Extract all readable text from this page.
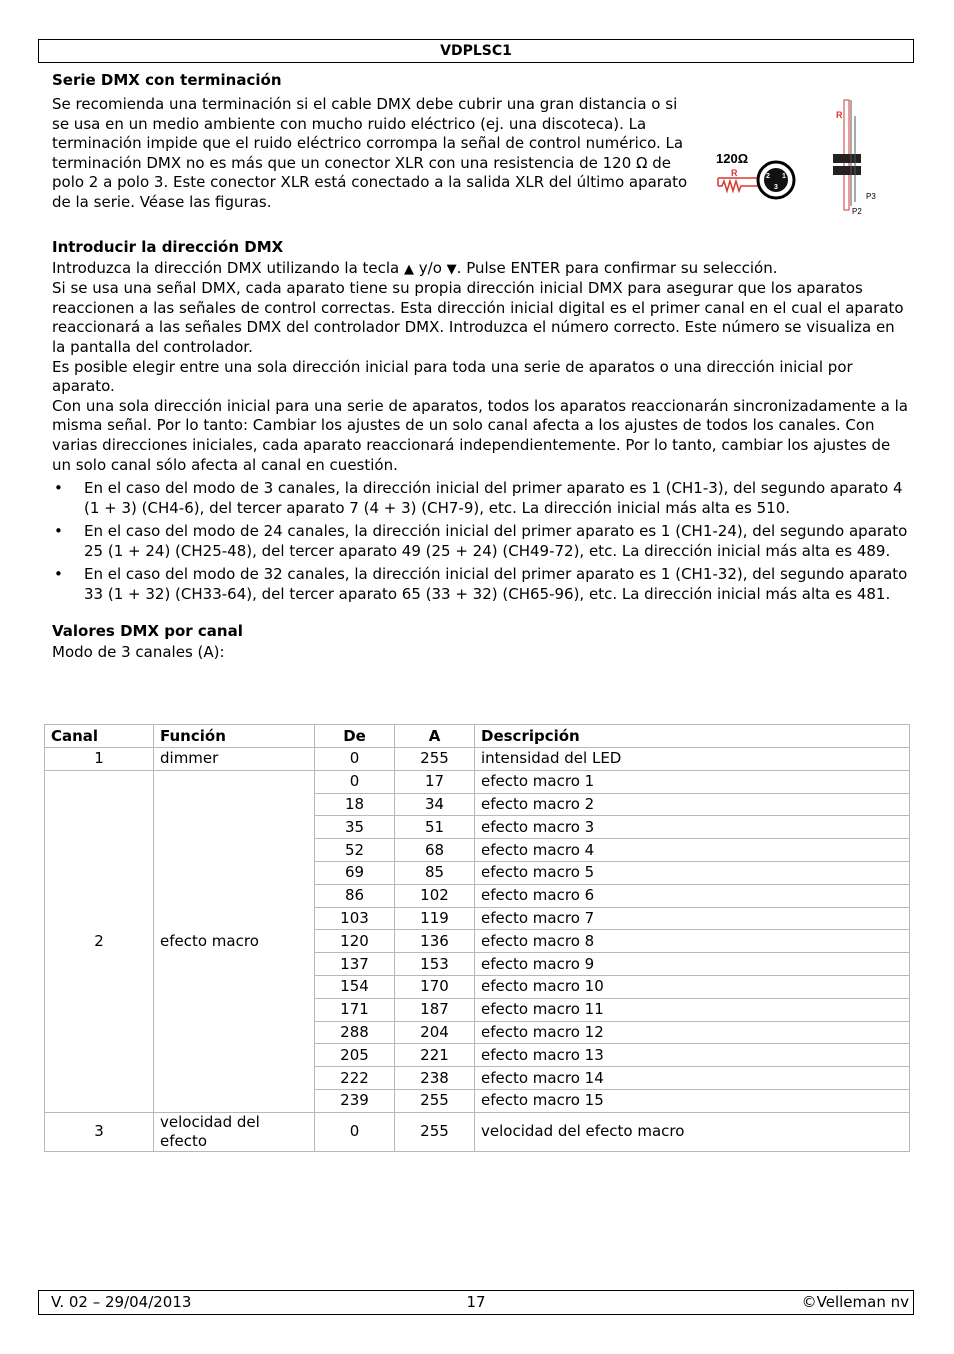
VDPLSC1
Serie DMX con terminación

Se recomienda una terminación si el cable DMX debe cubrir una gran distancia o si se usa en un medio ambiente con mucho ruido eléctrico (ej. una discoteca). La terminación impide que el ruido eléctrico corrompa la señal de control numérico. La terminación DMX no es más que un conector XLR con una resistencia de 120 Ω de polo 2 a polo 3. Este conector XLR está conectado a la salida XLR del último aparato de la serie. Véase las figuras.

120Ω
R	2 1
3
R
P3
P2
Introducir la dirección DMX

Introduzca la dirección DMX utilizando la tecla ▲ y/o ▼. Pulse ENTER para confirmar su selección.

Si se usa una señal DMX, cada aparato tiene su propia dirección inicial DMX para asegurar que los aparatos reaccionen a las señales de control correctas. Esta dirección inicial digital es el primer canal en el cual el aparato reaccionará a las señales DMX del controlador DMX. Introduzca el número correcto. Este número se visualiza en la pantalla del controlador.

Es posible elegir entre una sola dirección inicial para toda una serie de aparatos o una dirección inicial por aparato.

Con una sola dirección inicial para una serie de aparatos, todos los aparatos reaccionarán sincronizadamente a la misma señal. Por lo tanto: Cambiar los ajustes de un solo canal afecta a los ajustes de todos los canales. Con varias direcciones iniciales, cada aparato reaccionará independientemente. Por lo tanto, cambiar los ajustes de un solo canal sólo afecta al canal en cuestión.

• En el caso del modo de 3 canales, la dirección inicial del primer aparato es 1 (CH1-3), del segundo aparato 4 (1 + 3) (CH4-6), del tercer aparato 7 (4 + 3) (CH7-9), etc. La dirección inicial más alta es 510.
• En el caso del modo de 24 canales, la dirección inicial del primer aparato es 1 (CH1-24), del segundo aparato 25 (1 + 24) (CH25-48), del tercer aparato 49 (25 + 24) (CH49-72), etc. La dirección inicial más alta es 489.
• En el caso del modo de 32 canales, la dirección inicial del primer aparato es 1 (CH1-32), del segundo aparato 33 (1 + 32) (CH33-64), del tercer aparato 65 (33 + 32) (CH65-96), etc. La dirección inicial más alta es 481.
Valores DMX por canal

Modo de 3 canales (A):

Canal	Función	De	A	Descripción
1	dimmer	0	255	intensidad del LED
2	efecto macro	0	17	efecto macro 1
		18	34	efecto macro 2
		35	51	efecto macro 3
		52	68	efecto macro 4
		69	85	efecto macro 5
		86	102	efecto macro 6
		103	119	efecto macro 7
		120	136	efecto macro 8
		137	153	efecto macro 9
		154	170	efecto macro 10
		171	187	efecto macro 11
		288	204	efecto macro 12
		205	221	efecto macro 13
		222	238	efecto macro 14
		239	255	efecto macro 15
3	velocidad del efecto	0	255	velocidad del efecto macro
V. 02 – 29/04/2013	17	©Velleman nv
